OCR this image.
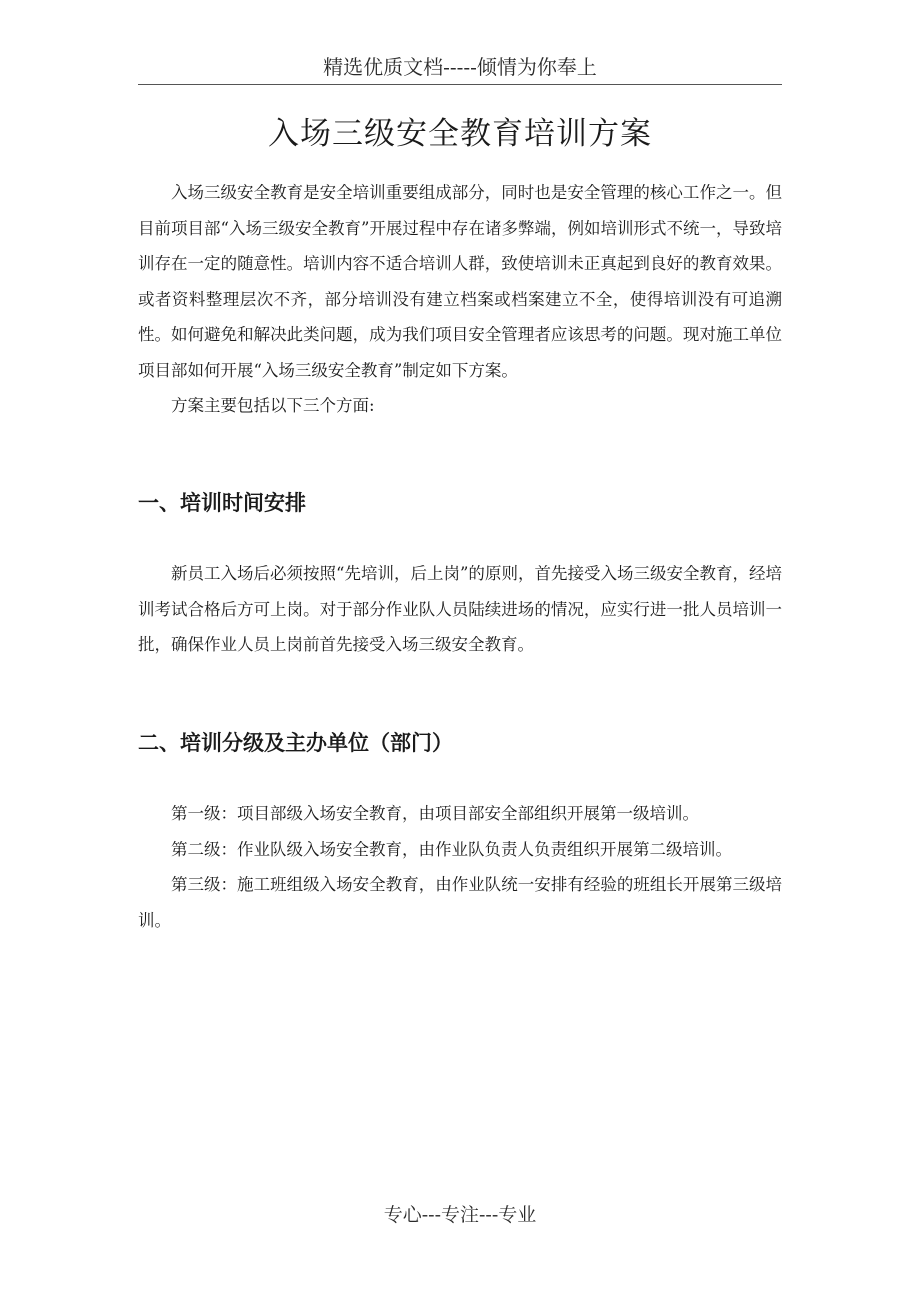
精选优质文档-----倾情为你奉上
入场三级安全教育培训方案

入场三级安全教育是安全培训重要组成部分，同时也是安全管理的核心工作之一。但目前项目部“入场三级安全教育”开展过程中存在诸多弊端，例如培训形式不统一，导致培训存在一定的随意性。培训内容不适合培训人群，致使培训未正真起到良好的教育效果。或者资料整理层次不齐，部分培训没有建立档案或档案建立不全，使得培训没有可追溯性。如何避免和解决此类问题，成为我们项目安全管理者应该思考的问题。现对施工单位项目部如何开展“入场三级安全教育”制定如下方案。

方案主要包括以下三个方面:

一、培训时间安排

新员工入场后必须按照“先培训，后上岗”的原则，首先接受入场三级安全教育，经培训考试合格后方可上岗。对于部分作业队人员陆续进场的情况，应实行进一批人员培训一批，确保作业人员上岗前首先接受入场三级安全教育。

二、培训分级及主办单位（部门）

第一级：项目部级入场安全教育，由项目部安全部组织开展第一级培训。

第二级：作业队级入场安全教育，由作业队负责人负责组织开展第二级培训。

第三级：施工班组级入场安全教育，由作业队统一安排有经验的班组长开展第三级培训。

专心---专注---专业
